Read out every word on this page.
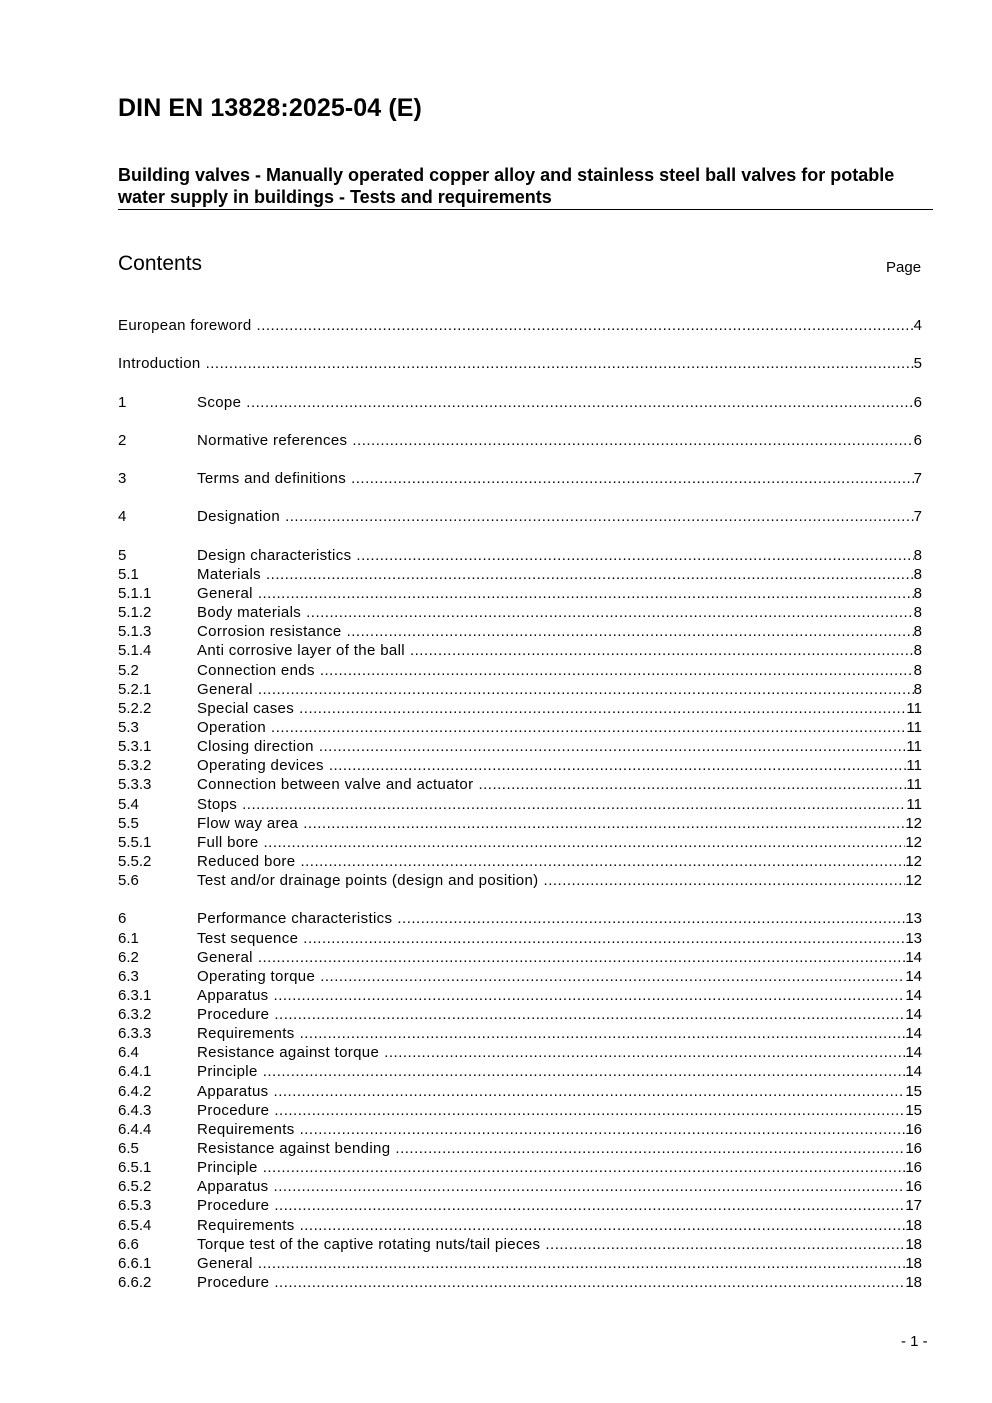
DIN EN 13828:2025-04 (E)
Building valves - Manually operated copper alloy and stainless steel ball valves for potable water supply in buildings - Tests and requirements
Contents	Page
European foreword .....	4
Introduction .....	5
1	Scope .....	6
2	Normative references .....	6
3	Terms and definitions .....	7
4	Designation .....	7
5	Design characteristics .....	8
5.1	Materials .....	8
5.1.1	General .....	8
5.1.2	Body materials .....	8
5.1.3	Corrosion resistance .....	8
5.1.4	Anti corrosive layer of the ball .....	8
5.2	Connection ends .....	8
5.2.1	General .....	8
5.2.2	Special cases .....	11
5.3	Operation .....	11
5.3.1	Closing direction .....	11
5.3.2	Operating devices .....	11
5.3.3	Connection between valve and actuator .....	11
5.4	Stops .....	11
5.5	Flow way area .....	12
5.5.1	Full bore .....	12
5.5.2	Reduced bore .....	12
5.6	Test and/or drainage points (design and position) .....	12
6	Performance characteristics .....	13
6.1	Test sequence .....	13
6.2	General .....	14
6.3	Operating torque .....	14
6.3.1	Apparatus .....	14
6.3.2	Procedure .....	14
6.3.3	Requirements .....	14
6.4	Resistance against torque .....	14
6.4.1	Principle .....	14
6.4.2	Apparatus .....	15
6.4.3	Procedure .....	15
6.4.4	Requirements .....	16
6.5	Resistance against bending .....	16
6.5.1	Principle .....	16
6.5.2	Apparatus .....	16
6.5.3	Procedure .....	17
6.5.4	Requirements .....	18
6.6	Torque test of the captive rotating nuts/tail pieces .....	18
6.6.1	General .....	18
6.6.2	Procedure .....	18
- 1 -
